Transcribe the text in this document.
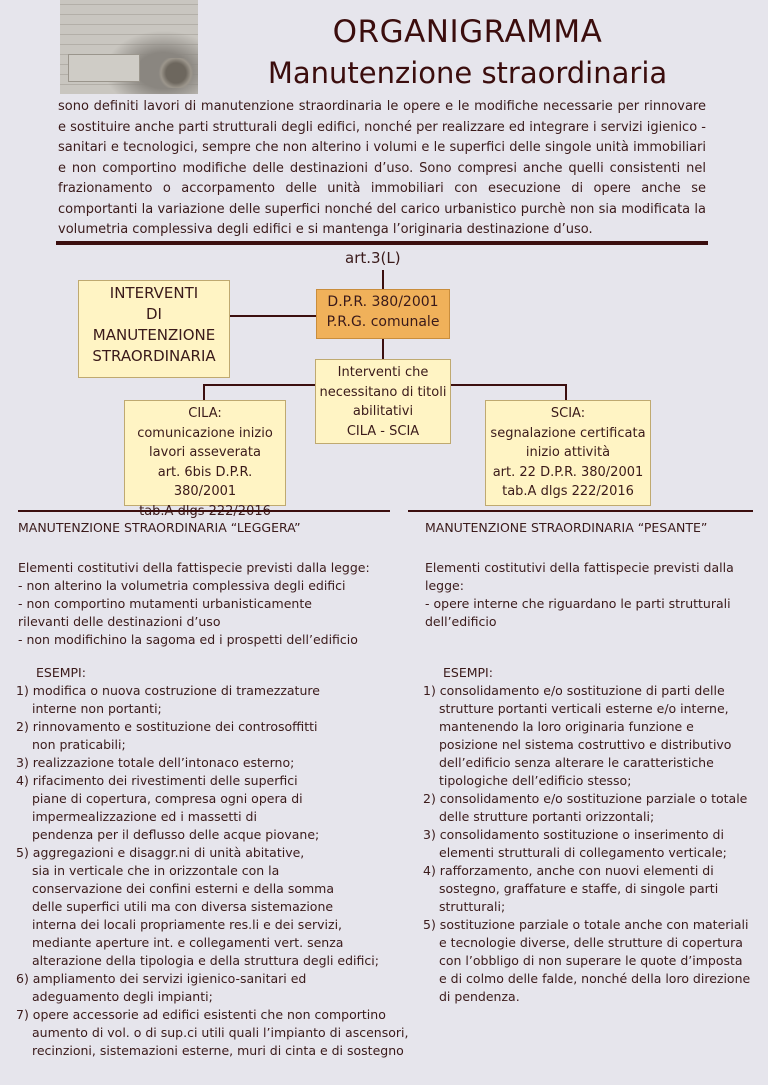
ORGANIGRAMMA
Manutenzione straordinaria

sono definiti lavori di manutenzione straordinaria le opere e le modifiche necessarie per rinnovare e sostituire anche parti strutturali degli edifici, nonché per realizzare ed integrare i servizi igienico - sanitari e tecnologici, sempre che non alterino i volumi e le superfici delle singole unità immobiliari e non comportino modifiche delle destinazioni d’uso. Sono compresi anche quelli consistenti nel frazionamento o accorpamento delle unità immobiliari con esecuzione di opere anche se comportanti la variazione delle superfici nonché del carico urbanistico purchè non sia modificata la volumetria complessiva degli edifici e si mantenga l’originaria destinazione d’uso.

art.3(L)
INTERVENTI
DI
MANUTENZIONE
STRAORDINARIA
D.P.R. 380/2001
P.R.G. comunale
Interventi che
necessitano di titoli
abilitativi
CILA - SCIA
CILA:
comunicazione inizio
lavori asseverata
art. 6bis D.P.R. 380/2001
SCIA:
segnalazione certificata
inizio attività
art. 22 D.P.R. 380/2001
tab.A dlgs 222/2016
MANUTENZIONE STRAORDINARIA “LEGGERA”
Elementi costitutivi della fattispecie previsti dalla legge:
- non alterino la volumetria complessiva degli edifici
- non comportino mutamenti urbanisticamente
rilevanti delle destinazioni d’uso
- non modifichino la sagoma ed i prospetti dell’edificio
ESEMPI:
1) modifica o nuova costruzione di tramezzature
interne non portanti;
2) rinnovamento e sostituzione dei controsoffitti
non praticabili;
3) realizzazione totale dell’intonaco esterno;
4) rifacimento dei rivestimenti delle superfici
piane di copertura, compresa ogni opera di
impermealizzazione ed i massetti di
pendenza per il deflusso delle acque piovane;
5) aggregazioni e disaggr.ni di unità abitative,
sia in verticale che in orizzontale con la
conservazione dei confini esterni e della somma
delle superfici utili ma con diversa sistemazione
interna dei locali propriamente res.li e dei servizi,
mediante aperture int. e collegamenti vert. senza
alterazione della tipologia e della struttura degli edifici;
6) ampliamento dei servizi igienico-sanitari ed
adeguamento degli impianti;
7) opere accessorie ad edifici esistenti che non comportino
aumento di vol. o di sup.ci utili quali l’impianto di ascensori,
recinzioni, sistemazioni esterne, muri di cinta e di sostegno
MANUTENZIONE STRAORDINARIA “PESANTE”
Elementi costitutivi della fattispecie previsti dalla
legge:
- opere interne che riguardano le parti strutturali
dell’edificio
ESEMPI:
1) consolidamento e/o sostituzione di parti delle
strutture portanti verticali esterne e/o interne,
mantenendo la loro originaria funzione e
posizione nel sistema costruttivo e distributivo
dell’edificio senza alterare le caratteristiche
tipologiche dell’edificio stesso;
2) consolidamento e/o sostituzione parziale o totale
delle strutture portanti orizzontali;
3) consolidamento sostituzione o inserimento di
elementi strutturali di collegamento verticale;
4) rafforzamento, anche con nuovi elementi di
sostegno, graffature e staffe, di singole parti
strutturali;
5) sostituzione parziale o totale anche con materiali
e tecnologie diverse, delle strutture di copertura
con l’obbligo di non superare le quote d’imposta
e di colmo delle falde, nonché della loro direzione
di pendenza.
